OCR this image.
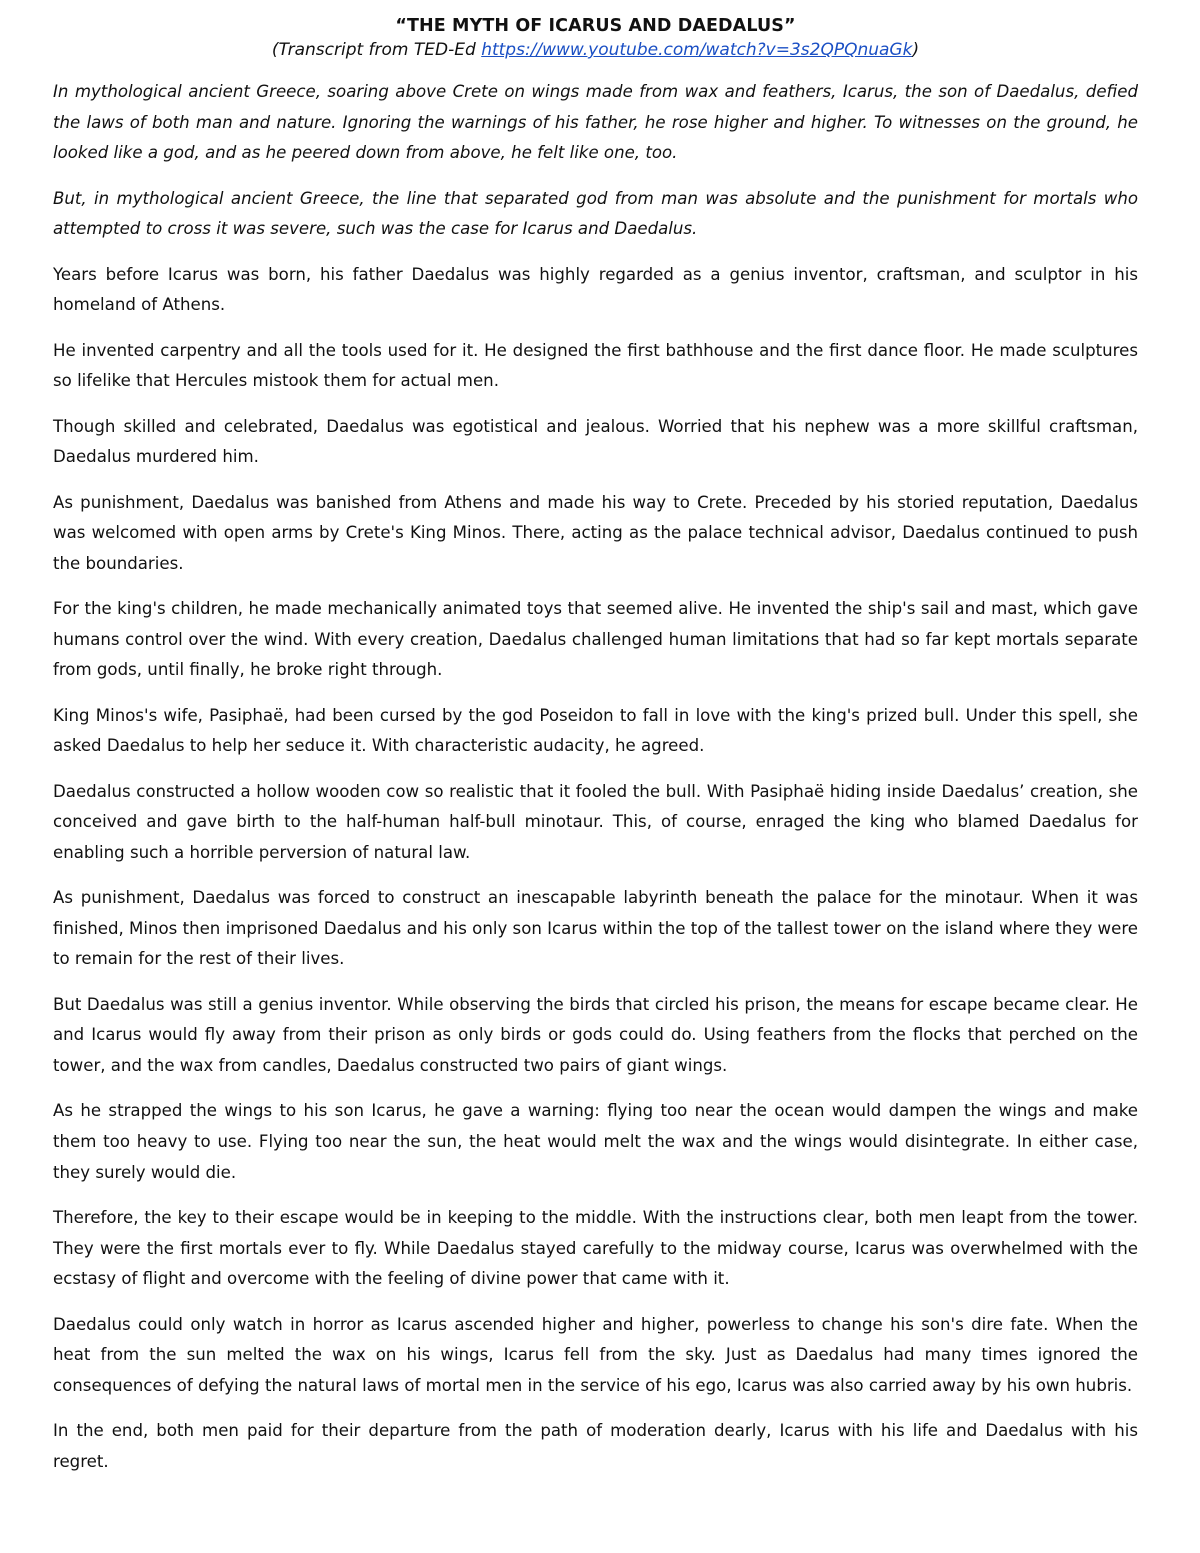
“THE MYTH OF ICARUS AND DAEDALUS”

(Transcript from TED-Ed https://www.youtube.com/watch?v=3s2QPQnuaGk)

In mythological ancient Greece, soaring above Crete on wings made from wax and feathers, Icarus, the son of Daedalus, defied the laws of both man and nature. Ignoring the warnings of his father, he rose higher and higher. To witnesses on the ground, he looked like a god, and as he peered down from above, he felt like one, too.

But, in mythological ancient Greece, the line that separated god from man was absolute and the punishment for mortals who attempted to cross it was severe, such was the case for Icarus and Daedalus.

Years before Icarus was born, his father Daedalus was highly regarded as a genius inventor, craftsman, and sculptor in his homeland of Athens.

He invented carpentry and all the tools used for it. He designed the first bathhouse and the first dance floor. He made sculptures so lifelike that Hercules mistook them for actual men.

Though skilled and celebrated, Daedalus was egotistical and jealous. Worried that his nephew was a more skillful craftsman, Daedalus murdered him.

As punishment, Daedalus was banished from Athens and made his way to Crete. Preceded by his storied reputation, Daedalus was welcomed with open arms by Crete's King Minos. There, acting as the palace technical advisor, Daedalus continued to push the boundaries.

For the king's children, he made mechanically animated toys that seemed alive. He invented the ship's sail and mast, which gave humans control over the wind. With every creation, Daedalus challenged human limitations that had so far kept mortals separate from gods, until finally, he broke right through.

King Minos's wife, Pasiphaë, had been cursed by the god Poseidon to fall in love with the king's prized bull. Under this spell, she asked Daedalus to help her seduce it. With characteristic audacity, he agreed.

Daedalus constructed a hollow wooden cow so realistic that it fooled the bull. With Pasiphaë hiding inside Daedalus’ creation, she conceived and gave birth to the half-human half-bull minotaur. This, of course, enraged the king who blamed Daedalus for enabling such a horrible perversion of natural law.

As punishment, Daedalus was forced to construct an inescapable labyrinth beneath the palace for the minotaur. When it was finished, Minos then imprisoned Daedalus and his only son Icarus within the top of the tallest tower on the island where they were to remain for the rest of their lives.

But Daedalus was still a genius inventor. While observing the birds that circled his prison, the means for escape became clear. He and Icarus would fly away from their prison as only birds or gods could do. Using feathers from the flocks that perched on the tower, and the wax from candles, Daedalus constructed two pairs of giant wings.

As he strapped the wings to his son Icarus, he gave a warning: flying too near the ocean would dampen the wings and make them too heavy to use. Flying too near the sun, the heat would melt the wax and the wings would disintegrate. In either case, they surely would die.

Therefore, the key to their escape would be in keeping to the middle. With the instructions clear, both men leapt from the tower. They were the first mortals ever to fly. While Daedalus stayed carefully to the midway course, Icarus was overwhelmed with the ecstasy of flight and overcome with the feeling of divine power that came with it.

Daedalus could only watch in horror as Icarus ascended higher and higher, powerless to change his son's dire fate. When the heat from the sun melted the wax on his wings, Icarus fell from the sky. Just as Daedalus had many times ignored the consequences of defying the natural laws of mortal men in the service of his ego, Icarus was also carried away by his own hubris.

In the end, both men paid for their departure from the path of moderation dearly, Icarus with his life and Daedalus with his regret.
